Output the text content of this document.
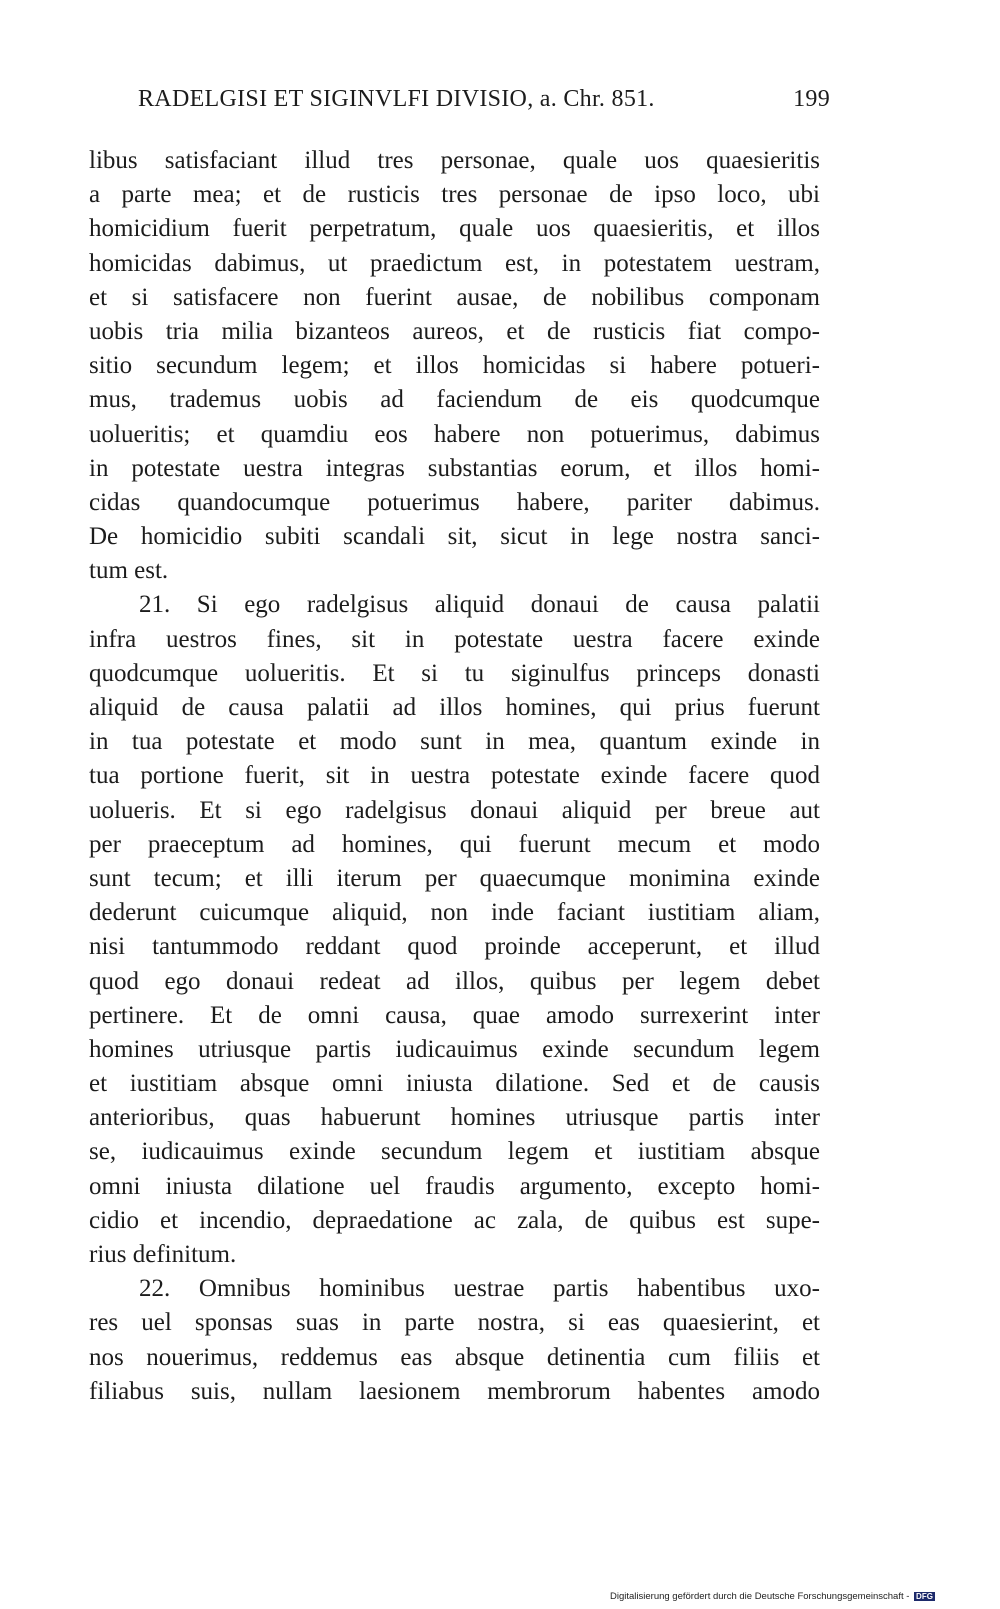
RADELGISI ET SIGINVLFI DIVISIO, a. Chr. 851.	199
libus satisfaciant illud tres personae, quale uos quaesieritis
a parte mea; et de rusticis tres personae de ipso loco, ubi
homicidium fuerit perpetratum, quale uos quaesieritis, et illos
homicidas dabimus, ut praedictum est, in potestatem uestram,
et si satisfacere non fuerint ausae, de nobilibus componam
uobis tria milia bizanteos aureos, et de rusticis fiat compo-
sitio secundum legem; et illos homicidas si habere potueri-
mus, trademus uobis ad faciendum de eis quodcumque
uolueritis; et quamdiu eos habere non potuerimus, dabimus
in potestate uestra integras substantias eorum, et illos homi-
cidas quandocumque potuerimus habere, pariter dabimus.
De homicidio subiti scandali sit, sicut in lege nostra sanci-
tum est.
21. Si ego radelgisus aliquid donaui de causa palatii
infra uestros fines, sit in potestate uestra facere exinde
quodcumque uolueritis. Et si tu siginulfus princeps donasti
aliquid de causa palatii ad illos homines, qui prius fuerunt
in tua potestate et modo sunt in mea, quantum exinde in
tua portione fuerit, sit in uestra potestate exinde facere quod
uolueris. Et si ego radelgisus donaui aliquid per breue aut
per praeceptum ad homines, qui fuerunt mecum et modo
sunt tecum; et illi iterum per quaecumque monimina exinde
dederunt cuicumque aliquid, non inde faciant iustitiam aliam,
nisi tantummodo reddant quod proinde acceperunt, et illud
quod ego donaui redeat ad illos, quibus per legem debet
pertinere. Et de omni causa, quae amodo surrexerint inter
homines utriusque partis iudicauimus exinde secundum legem
et iustitiam absque omni iniusta dilatione. Sed et de causis
anterioribus, quas habuerunt homines utriusque partis inter
se, iudicauimus exinde secundum legem et iustitiam absque
omni iniusta dilatione uel fraudis argumento, excepto homi-
cidio et incendio, depraedatione ac zala, de quibus est supe-
rius definitum.
22. Omnibus hominibus uestrae partis habentibus uxo-
res uel sponsas suas in parte nostra, si eas quaesierint, et
nos nouerimus, reddemus eas absque detinentia cum filiis et
filiabus suis, nullam laesionem membrorum habentes amodo
Digitalisierung gefördert durch die Deutsche Forschungsgemeinschaft - DFG
